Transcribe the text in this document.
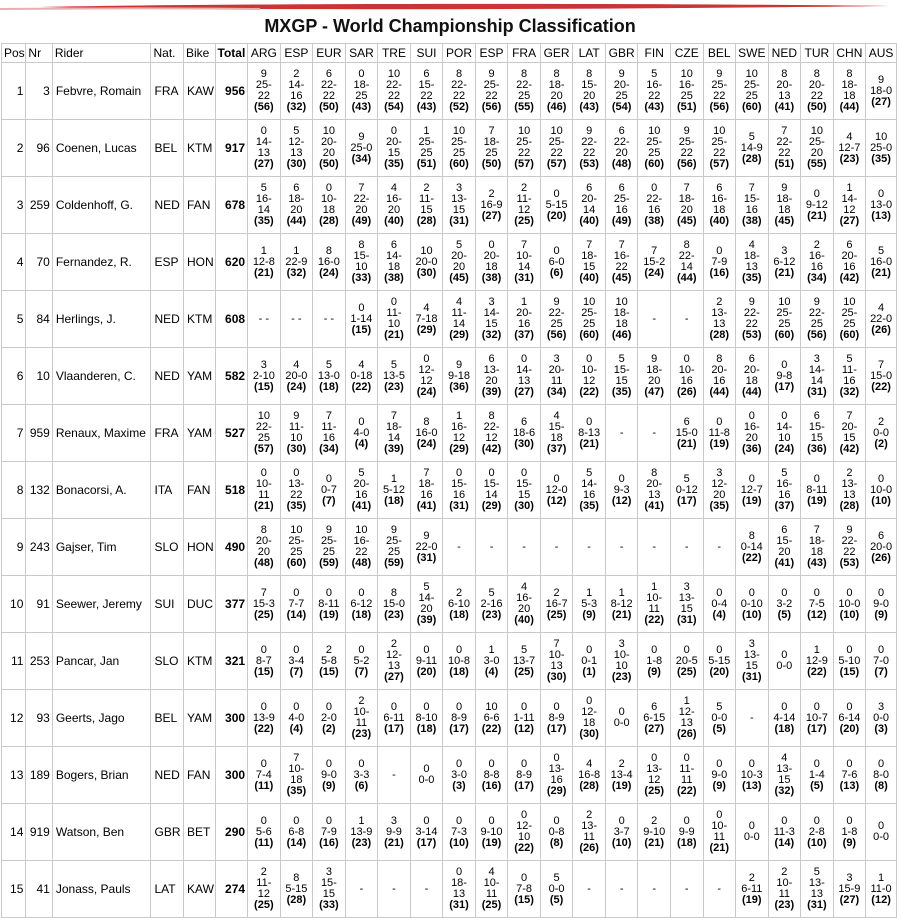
MXGP - World Championship Classification
Pos	Nr	Rider	Nat.	Bike	Total	ARG	ESP	EUR	SAR	TRE	SUI	POR	ESP	FRA	GER	LAT	GBR	FIN	CZE	BEL	SWE	NED	TUR	CHN	AUS
1	3	Febvre, Romain	FRA	KAW	956	9
25-
22
(56)	2
14-
16
(32)	6
22-
22
(50)	0
18-
25
(43)	10
22-
22
(54)	6
15-
22
(43)	8
22-
22
(52)	9
25-
22
(56)	8
22-
25
(55)	8
18-
20
(46)	8
15-
20
(43)	9
20-
25
(54)	5
16-
22
(43)	10
16-
25
(51)	9
25-
22
(56)	10
25-
25
(60)	8
20-
13
(41)	8
20-
22
(50)	8
18-
18
(44)	9
18-0
(27)

2	96	Coenen, Lucas	BEL	KTM	917	0
14-
13
(27)	5
12-
13
(30)	10
20-
20
(50)	9
25-0
(34)	0
20-
15
(35)	1
25-
25
(51)	10
25-
25
(60)	7
18-
25
(50)	10
25-
22
(57)	10
25-
22
(57)	9
22-
22
(53)	6
22-
20
(48)	10
25-
25
(60)	9
25-
22
(56)	10
25-
22
(57)	5
14-9
(28)	7
22-
22
(51)	10
25-
20
(55)	4
12-7
(23)	10
25-0
(35)

3	259	Coldenhoff, G.	NED	FAN	678	5
16-
14
(35)	6
18-
20
(44)	0
10-
18
(28)	7
22-
20
(49)	4
16-
20
(40)	2
11-
15
(28)	3
13-
15
(31)	2
16-9
(27)	2
11-
12
(25)	0
5-15
(20)	6
20-
14
(40)	6
25-
16
(49)	0
22-
16
(38)	7
18-
20
(45)	6
16-
18
(40)	7
15-
16
(38)	9
18-
18
(45)	0
9-12
(21)	1
14-
12
(27)	0
13-0
(13)

4	70	Fernandez, R.	ESP	HON	620	1
12-8
(21)	1
22-9
(32)	8
16-0
(24)	8
15-
10
(33)	6
14-
18
(38)	10
20-0
(30)	5
20-
20
(45)	0
20-
18
(38)	7
10-
14
(31)	0
6-0
(6)	7
18-
15
(40)	7
16-
22
(45)	7
15-2
(24)	8
22-
14
(44)	0
7-9
(16)	4
18-
13
(35)	3
6-12
(21)	2
16-
16
(34)	6
20-
16
(42)	5
16-0
(21)

5	84	Herlings, J.	NED	KTM	608	- -	- -	- -	0
1-14
(15)	0
11-
10
(21)	4
7-18
(29)	4
11-
14
(29)	3
14-
15
(32)	1
20-
16
(37)	9
22-
25
(56)	10
25-
25
(60)	10
18-
18
(46)	-	-	2
13-
13
(28)	9
22-
22
(53)	10
25-
25
(60)	9
22-
25
(56)	10
25-
25
(60)	4
22-0
(26)

6	10	Vlaanderen, C.	NED	YAM	582	3
2-10
(15)	4
20-0
(24)	5
13-0
(18)	4
0-18
(22)	5
13-5
(23)	0
12-
12
(24)	9
9-18
(36)	6
13-
20
(39)	0
14-
13
(27)	3
20-
11
(34)	0
10-
12
(22)	5
15-
15
(35)	9
18-
20
(47)	0
10-
16
(26)	8
20-
16
(44)	6
20-
18
(44)	0
9-8
(17)	3
14-
14
(31)	5
11-
16
(32)	7
15-0
(22)

7	959	Renaux, Maxime	FRA	YAM	527	10
22-
25
(57)	9
11-
10
(30)	7
11-
16
(34)	0
4-0
(4)	7
18-
14
(39)	8
16-0
(24)	1
16-
12
(29)	8
22-
12
(42)	6
18-6
(30)	4
15-
18
(37)	0
8-13
(21)	-	-	6
15-0
(21)	0
11-8
(19)	0
16-
20
(36)	0
14-
10
(24)	6
15-
15
(36)	7
20-
15
(42)	2
0-0
(2)

8	132	Bonacorsi, A.	ITA	FAN	518	0
10-
11
(21)	0
13-
22
(35)	0
0-7
(7)	5
20-
16
(41)	1
5-12
(18)	7
18-
16
(41)	0
15-
16
(31)	0
15-
14
(29)	0
15-
15
(30)	0
12-0
(12)	5
14-
16
(35)	0
9-3
(12)	8
20-
13
(41)	5
0-12
(17)	3
12-
20
(35)	0
12-7
(19)	5
16-
16
(37)	0
8-11
(19)	2
13-
13
(28)	0
10-0
(10)

9	243	Gajser, Tim	SLO	HON	490	8
20-
20
(48)	10
25-
25
(60)	9
25-
25
(59)	10
16-
22
(48)	9
25-
25
(59)	9
22-0
(31)	-	-	-	-	-	-	-	-	-	8
0-14
(22)	6
15-
20
(41)	7
18-
18
(43)	9
22-
22
(53)	6
20-0
(26)

10	91	Seewer, Jeremy	SUI	DUC	377	7
15-3
(25)	0
7-7
(14)	0
8-11
(19)	0
6-12
(18)	8
15-0
(23)	5
14-
20
(39)	2
6-10
(18)	5
2-16
(23)	4
16-
20
(40)	2
16-7
(25)	1
5-3
(9)	1
8-12
(21)	1
10-
11
(22)	3
13-
15
(31)	0
0-4
(4)	0
0-10
(10)	0
3-2
(5)	0
7-5
(12)	0
10-0
(10)	0
9-0
(9)

11	253	Pancar, Jan	SLO	KTM	321	0
8-7
(15)	0
3-4
(7)	2
5-8
(15)	0
5-2
(7)	2
12-
13
(27)	0
9-11
(20)	0
10-8
(18)	1
3-0
(4)	5
13-7
(25)	7
10-
13
(30)	0
0-1
(1)	3
10-
10
(23)	0
1-8
(9)	0
20-5
(25)	0
5-15
(20)	3
13-
15
(31)	0
0-0	1
12-9
(22)	0
5-10
(15)	0
7-0
(7)

12	93	Geerts, Jago	BEL	YAM	300	0
13-9
(22)	0
4-0
(4)	0
2-0
(2)	2
10-
11
(23)	0
6-11
(17)	0
8-10
(18)	0
8-9
(17)	10
6-6
(22)	0
1-11
(12)	0
8-9
(17)	0
12-
18
(30)	0
0-0	6
6-15
(27)	1
12-
13
(26)	5
0-0
(5)	-	0
4-14
(18)	0
10-7
(17)	0
6-14
(20)	3
0-0
(3)

13	189	Bogers, Brian	NED	FAN	300	0
7-4
(11)	7
10-
18
(35)	0
9-0
(9)	0
3-3
(6)	-	0
0-0	0
3-0
(3)	0
8-8
(16)	0
8-9
(17)	0
13-
16
(29)	4
16-8
(28)	2
13-4
(19)	0
13-
12
(25)	0
11-
11
(22)	0
9-0
(9)	0
10-3
(13)	4
13-
15
(32)	0
1-4
(5)	0
7-6
(13)	0
8-0
(8)

14	919	Watson, Ben	GBR	BET	290	0
5-6
(11)	0
6-8
(14)	0
7-9
(16)	1
13-9
(23)	3
9-9
(21)	0
3-14
(17)	0
7-3
(10)	0
9-10
(19)	0
12-
10
(22)	0
0-8
(8)	2
13-
11
(26)	0
3-7
(10)	2
9-10
(21)	0
9-9
(18)	0
10-
11
(21)	0
0-0	0
11-3
(14)	0
2-8
(10)	0
1-8
(9)	0
0-0

15	41	Jonass, Pauls	LAT	KAW	274	2
11-
12
(25)	8
5-15
(28)	3
15-
15
(33)	-	-	-	0
18-
13
(31)	4
10-
11
(25)	0
7-8
(15)	5
0-0
(5)	-	-	-	-	-	2
6-11
(19)	2
10-
11
(23)	5
13-
13
(31)	3
15-9
(27)	1
11-0
(12)
